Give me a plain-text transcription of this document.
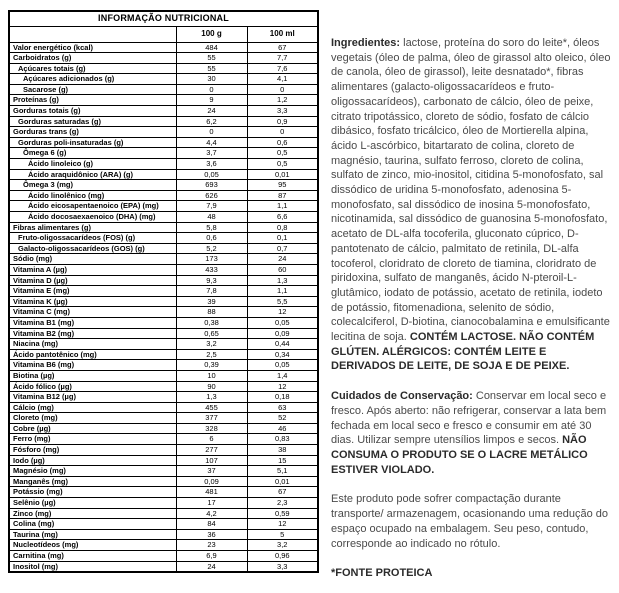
INFORMAÇÃO NUTRICIONAL		
	100 g	100 ml
Valor energético (kcal)	484	67
Carboidratos (g)	55	7,7
Açúcares totais (g)	55	7,6
Açúcares adicionados (g)	30	4,1
Sacarose (g)	0	0
Proteínas (g)	9	1,2
Gorduras totais (g)	24	3,3
Gorduras saturadas (g)	6,2	0,9
Gorduras trans (g)	0	0
Gorduras poli-insaturadas (g)	4,4	0,6
Ômega 6 (g)	3,7	0,5
Ácido linoleico (g)	3,6	0,5
Ácido araquidônico (ARA) (g)	0,05	0,01
Ômega 3 (mg)	693	95
Ácido linolênico (mg)	626	87
Ácido eicosapentaenoico (EPA) (mg)	7,9	1,1
Ácido docosaexaenoico (DHA) (mg)	48	6,6
Fibras alimentares (g)	5,8	0,8
Fruto-oligossacarídeos (FOS) (g)	0,6	0,1
Galacto-oligossacarídeos (GOS) (g)	5,2	0,7
Sódio (mg)	173	24
Vitamina A (µg)	433	60
Vitamina D (µg)	9,3	1,3
Vitamina E (mg)	7,8	1,1
Vitamina K (µg)	39	5,5
Vitamina C (mg)	88	12
Vitamina B1 (mg)	0,38	0,05
Vitamina B2 (mg)	0,65	0,09
Niacina (mg)	3,2	0,44
Ácido pantotênico (mg)	2,5	0,34
Vitamina B6 (mg)	0,39	0,05
Biotina (µg)	10	1,4
Ácido fólico (µg)	90	12
Vitamina B12 (µg)	1,3	0,18
Cálcio (mg)	455	63
Cloreto (mg)	377	52
Cobre (µg)	328	46
Ferro (mg)	6	0,83
Fósforo (mg)	277	38
Iodo (µg)	107	15
Magnésio (mg)	37	5,1
Manganês (mg)	0,09	0,01
Potássio (mg)	481	67
Selênio (µg)	17	2,3
Zinco (mg)	4,2	0,59
Colina (mg)	84	12
Taurina (mg)	36	5
Nucleotídeos (mg)	23	3,2
Carnitina (mg)	6,9	0,96
Inositol (mg)	24	3,3

Ingredientes: lactose, proteína do soro do leite*, óleos vegetais (óleo de palma, óleo de girassol alto oleico, óleo de canola, óleo de girassol), leite desnatado*, fibras alimentares (galacto-oligossacarídeos e fruto-oligossacarídeos), carbonato de cálcio, óleo de peixe, citrato tripotássico, cloreto de sódio, fosfato de cálcio dibásico, fosfato tricálcico, óleo de Mortierella alpina, ácido L-ascórbico, bitartarato de colina, cloreto de magnésio, taurina, sulfato ferroso, cloreto de colina, sulfato de zinco, mio-inositol, citidina 5-monofosfato, sal dissódico de uridina 5-monofosfato, adenosina 5-monofosfato, sal dissódico de inosina 5-monofosfato, nicotinamida, sal dissódico de guanosina 5-monofosfato, acetato de DL-alfa tocoferila, gluconato cúprico, D-pantotenato de cálcio, palmitato de retinila, DL-alfa tocoferol, cloridrato de cloreto de tiamina, cloridrato de piridoxina, sulfato de manganês, ácido N-pteroil-L-glutâmico, iodato de potássio, acetato de retinila, iodeto de potássio, fitomenadiona, selenito de sódio, colecalciferol, D-biotina, cianocobalamina e emulsificante lecitina de soja. CONTÉM LACTOSE. NÃO CONTÉM GLÚTEN. ALÉRGICOS: CONTÉM LEITE E DERIVADOS DE LEITE, DE SOJA E DE PEIXE.

Cuidados de Conservação: Conservar em local seco e fresco. Após aberto: não refrigerar, conservar a lata bem fechada em local seco e fresco e consumir em até 30 dias. Utilizar sempre utensílios limpos e secos. NÃO CONSUMA O PRODUTO SE O LACRE METÁLICO ESTIVER VIOLADO.

Este produto pode sofrer compactação durante transporte/ armazenagem, ocasionando uma redução do espaço ocupado na embalagem. Seu peso, contudo, corresponde ao indicado no rótulo.

*FONTE PROTEICA
